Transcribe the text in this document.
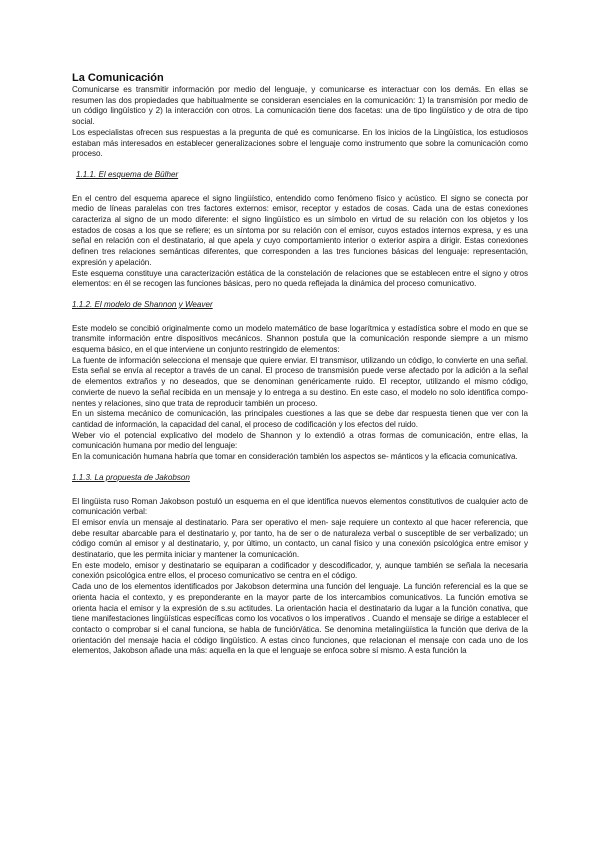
La Comunicación

Comunicarse es transmitir información por medio del lenguaje, y comunicarse es interactuar con los demás. En ellas se resumen las dos propiedades que habitualmente se consideran esenciales en la comunicación: 1) la transmisión por medio de un código lingüístico y 2) la interacción con otros. La comunicación tiene dos facetas: una de tipo lingüístico y de otra de tipo social.

Los especialistas ofrecen sus respuestas a la pregunta de qué es comunicarse. En los inicios de la Lingüística, los estudiosos estaban más interesados en establecer generalizaciones sobre el lenguaje como instrumento que sobre la comunicación como proceso.

1.1.1. El esquema de Bülher

En el centro del esquema aparece el signo lingüístico, entendido como fenómeno físico y acústico. El signo se conecta por medio de líneas paralelas con tres factores externos: emisor, receptor y estados de cosas. Cada una de estas conexiones caracteriza al signo de un modo diferente: el signo lingüístico es un símbolo en virtud de su relación con los objetos y los estados de cosas a los que se refiere; es un síntoma por su relación con el emisor, cuyos estados internos expresa, y es una señal en relación con el destinatario, al que apela y cuyo comportamiento interior o exterior aspira a dirigir. Estas conexiones definen tres relaciones semánticas diferentes, que corresponden a las tres funciones básicas del lenguaje: representación, expresión y apelación.

Este esquema constituye una caracterización estática de la constelación de relaciones que se establecen entre el signo y otros elementos: en él se recogen las funciones básicas, pero no queda reflejada la dinámica del proceso comunicativo.

1.1.2. El modelo de Shannon y Weaver

Este modelo se concibió originalmente como un modelo matemático de base logarítmica y estadística sobre el modo en que se transmite información entre dispositivos mecánicos. Shannon postula que la comunicación responde siempre a un mismo esquema básico, en el que interviene un conjunto restringido de elementos:

La fuente de información selecciona el mensaje que quiere enviar. El transmisor, utilizando un código, lo convierte en una señal. Esta señal se envía al receptor a través de un canal. El proceso de transmisión puede verse afectado por la adición a la señal de elementos extraños y no deseados, que se denominan genéricamente ruido. El receptor, utilizando el mismo código, convierte de nuevo la señal recibida en un mensaje y lo entrega a su destino. En este caso, el modelo no solo identifica compo- nentes y relaciones, sino que trata de reproducir también un proceso.

En un sistema mecánico de comunicación, las principales cuestiones a las que se debe dar respuesta tienen que ver con la cantidad de información, la capacidad del canal, el proceso de codificación y los efectos del ruido.

Weber vio el potencial explicativo del modelo de Shannon y lo extendió a otras formas de comunicación, entre ellas, la comunicación humana por medio del lenguaje:

En la comunicación humana habría que tomar en consideración también los aspectos se- mánticos y la eficacia comunicativa.

1.1.3. La propuesta de Jakobson

El lingüista ruso Roman Jakobson postuló un esquema en el que identifica nuevos elementos constitutivos de cualquier acto de comunicación verbal:

El emisor envía un mensaje al destinatario. Para ser operativo el men- saje requiere un contexto al que hacer referencia, que debe resultar abarcable para el destinatario y, por tanto, ha de ser o de naturaleza verbal o susceptible de ser verbalizado; un código común al emisor y al destinatario, y, por último, un contacto, un canal físico y una conexión psicológica entre emisor y destinatario, que les permita iniciar y mantener la comunicación.

En este modelo, emisor y destinatario se equiparan a codificador y descodificador, y, aunque también se señala la necesaria conexión psicológica entre ellos, el proceso comunicativo se centra en el código.

Cada uno de los elementos identificados por Jakobson determina una función del lenguaje. La función referencial es la que se orienta hacia el contexto, y es preponderante en la mayor parte de los intercambios comunicativos. La función emotiva se orienta hacia el emisor y la expresión de s.su actitudes. La orientación hacia el destinatario da lugar a la función conativa, que tiene manifestaciones lingüísticas específicas como los vocativos o los imperativos . Cuando el mensaje se dirige a establecer el contacto o comprobar si el canal funciona, se habla de función/ática. Se denomina metalingüística la función que deriva de la orientación del mensaje hacia el código lingüístico. A estas cinco funciones, que relacionan el mensaje con cada uno de los elementos, Jakobson añade una más: aquella en la que el lenguaje se enfoca sobre sí mismo. A esta función la
